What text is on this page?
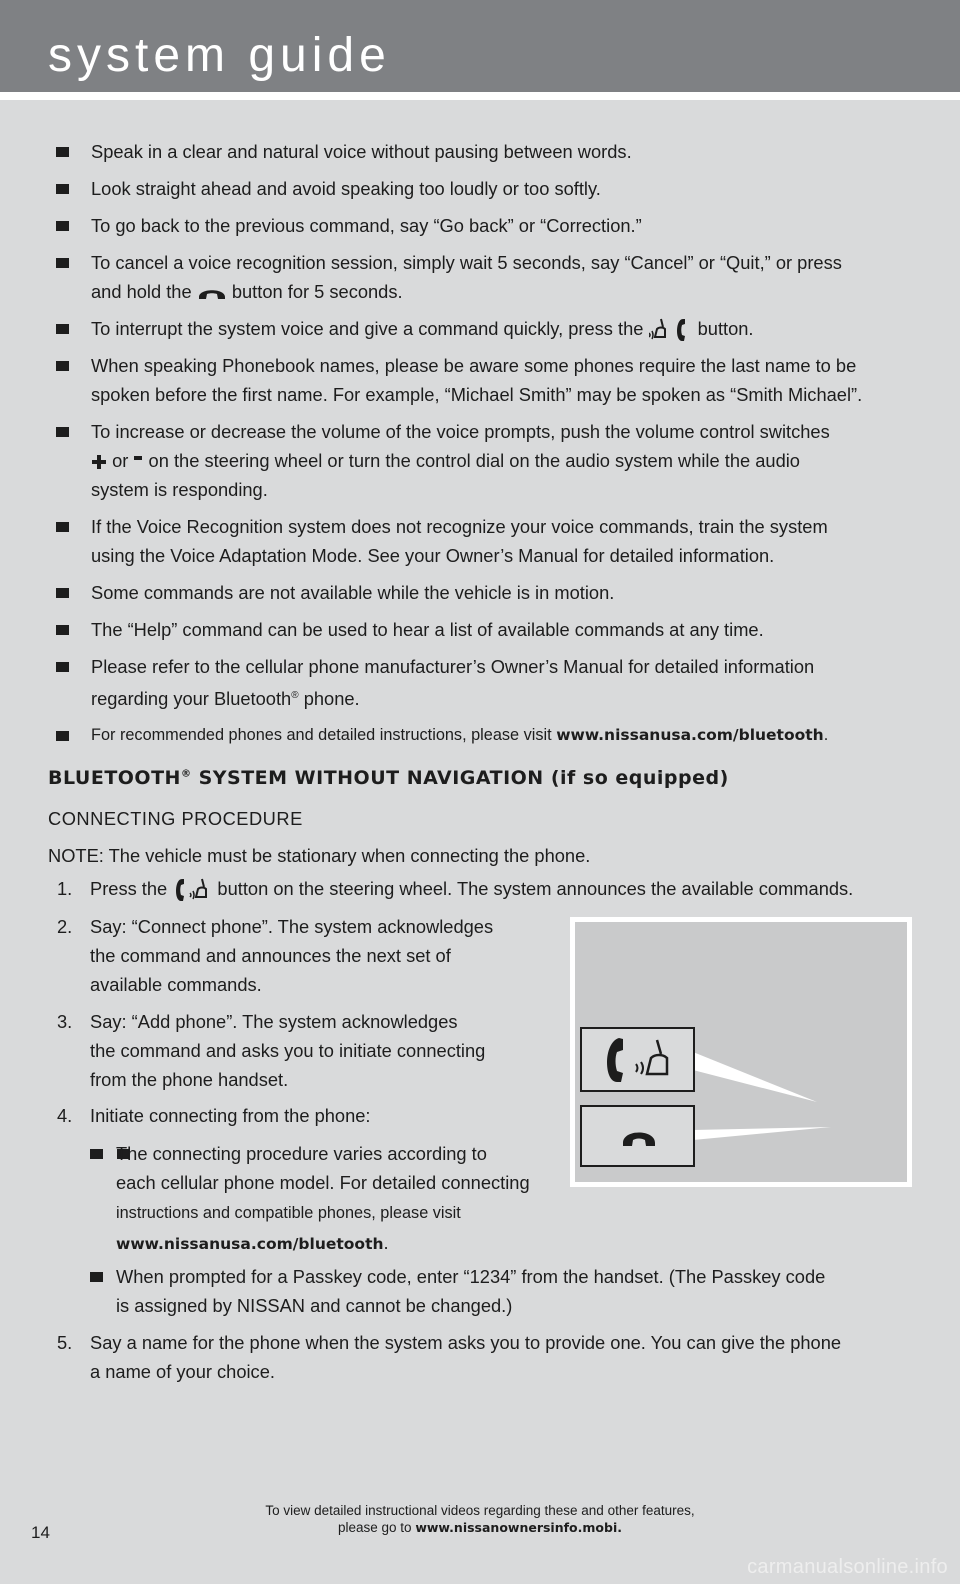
system guide
Speak in a clear and natural voice without pausing between words.
Look straight ahead and avoid speaking too loudly or too softly.
To go back to the previous command, say “Go back” or “Correction.”
To cancel a voice recognition session, simply wait 5 seconds, say “Cancel” or “Quit,” or press
and hold the button for 5 seconds.
To interrupt the system voice and give a command quickly, press the	button.
When speaking Phonebook names, please be aware some phones require the last name to be
spoken before the first name. For example, “Michael Smith” may be spoken as “Smith Michael”.
To increase or decrease the volume of the voice prompts, push the volume control switches
or on the steering wheel or turn the control dial on the audio system while the audio
system is responding.
If the Voice Recognition system does not recognize your voice commands, train the system
using the Voice Adaptation Mode. See your Owner’s Manual for detailed information.
Some commands are not available while the vehicle is in motion.
The “Help” command can be used to hear a list of available commands at any time.
Please refer to the cellular phone manufacturer’s Owner’s Manual for detailed information
regarding your Bluetooth® phone.
For recommended phones and detailed instructions, please visit www.nissanusa.com/bluetooth.
BLUETOOTH® SYSTEM WITHOUT NAVIGATION (if so equipped)
CONNECTING PROCEDURE
NOTE: The vehicle must be stationary when connecting the phone.
1. Press the	button on the steering wheel. The system announces the available commands.
2. Say: “Connect phone”. The system acknowledges
the command and announces the next set of
available commands.
3. Say: “Add phone”. The system acknowledges
the command and asks you to initiate connecting
from the phone handset.
4. Initiate connecting from the phone:
The connecting procedure varies according to
each cellular phone model. For detailed connecting
instructions and compatible phones, please visit
www.nissanusa.com/bluetooth.
When prompted for a Passkey code, enter “1234” from the handset. (The Passkey code
is assigned by NISSAN and cannot be changed.)
5. Say a name for the phone when the system asks you to provide one. You can give the phone
a name of your choice.
To view detailed instructional videos regarding these and other features,
please go to www.nissanownersinfo.mobi.
14
carmanualsonline.info
